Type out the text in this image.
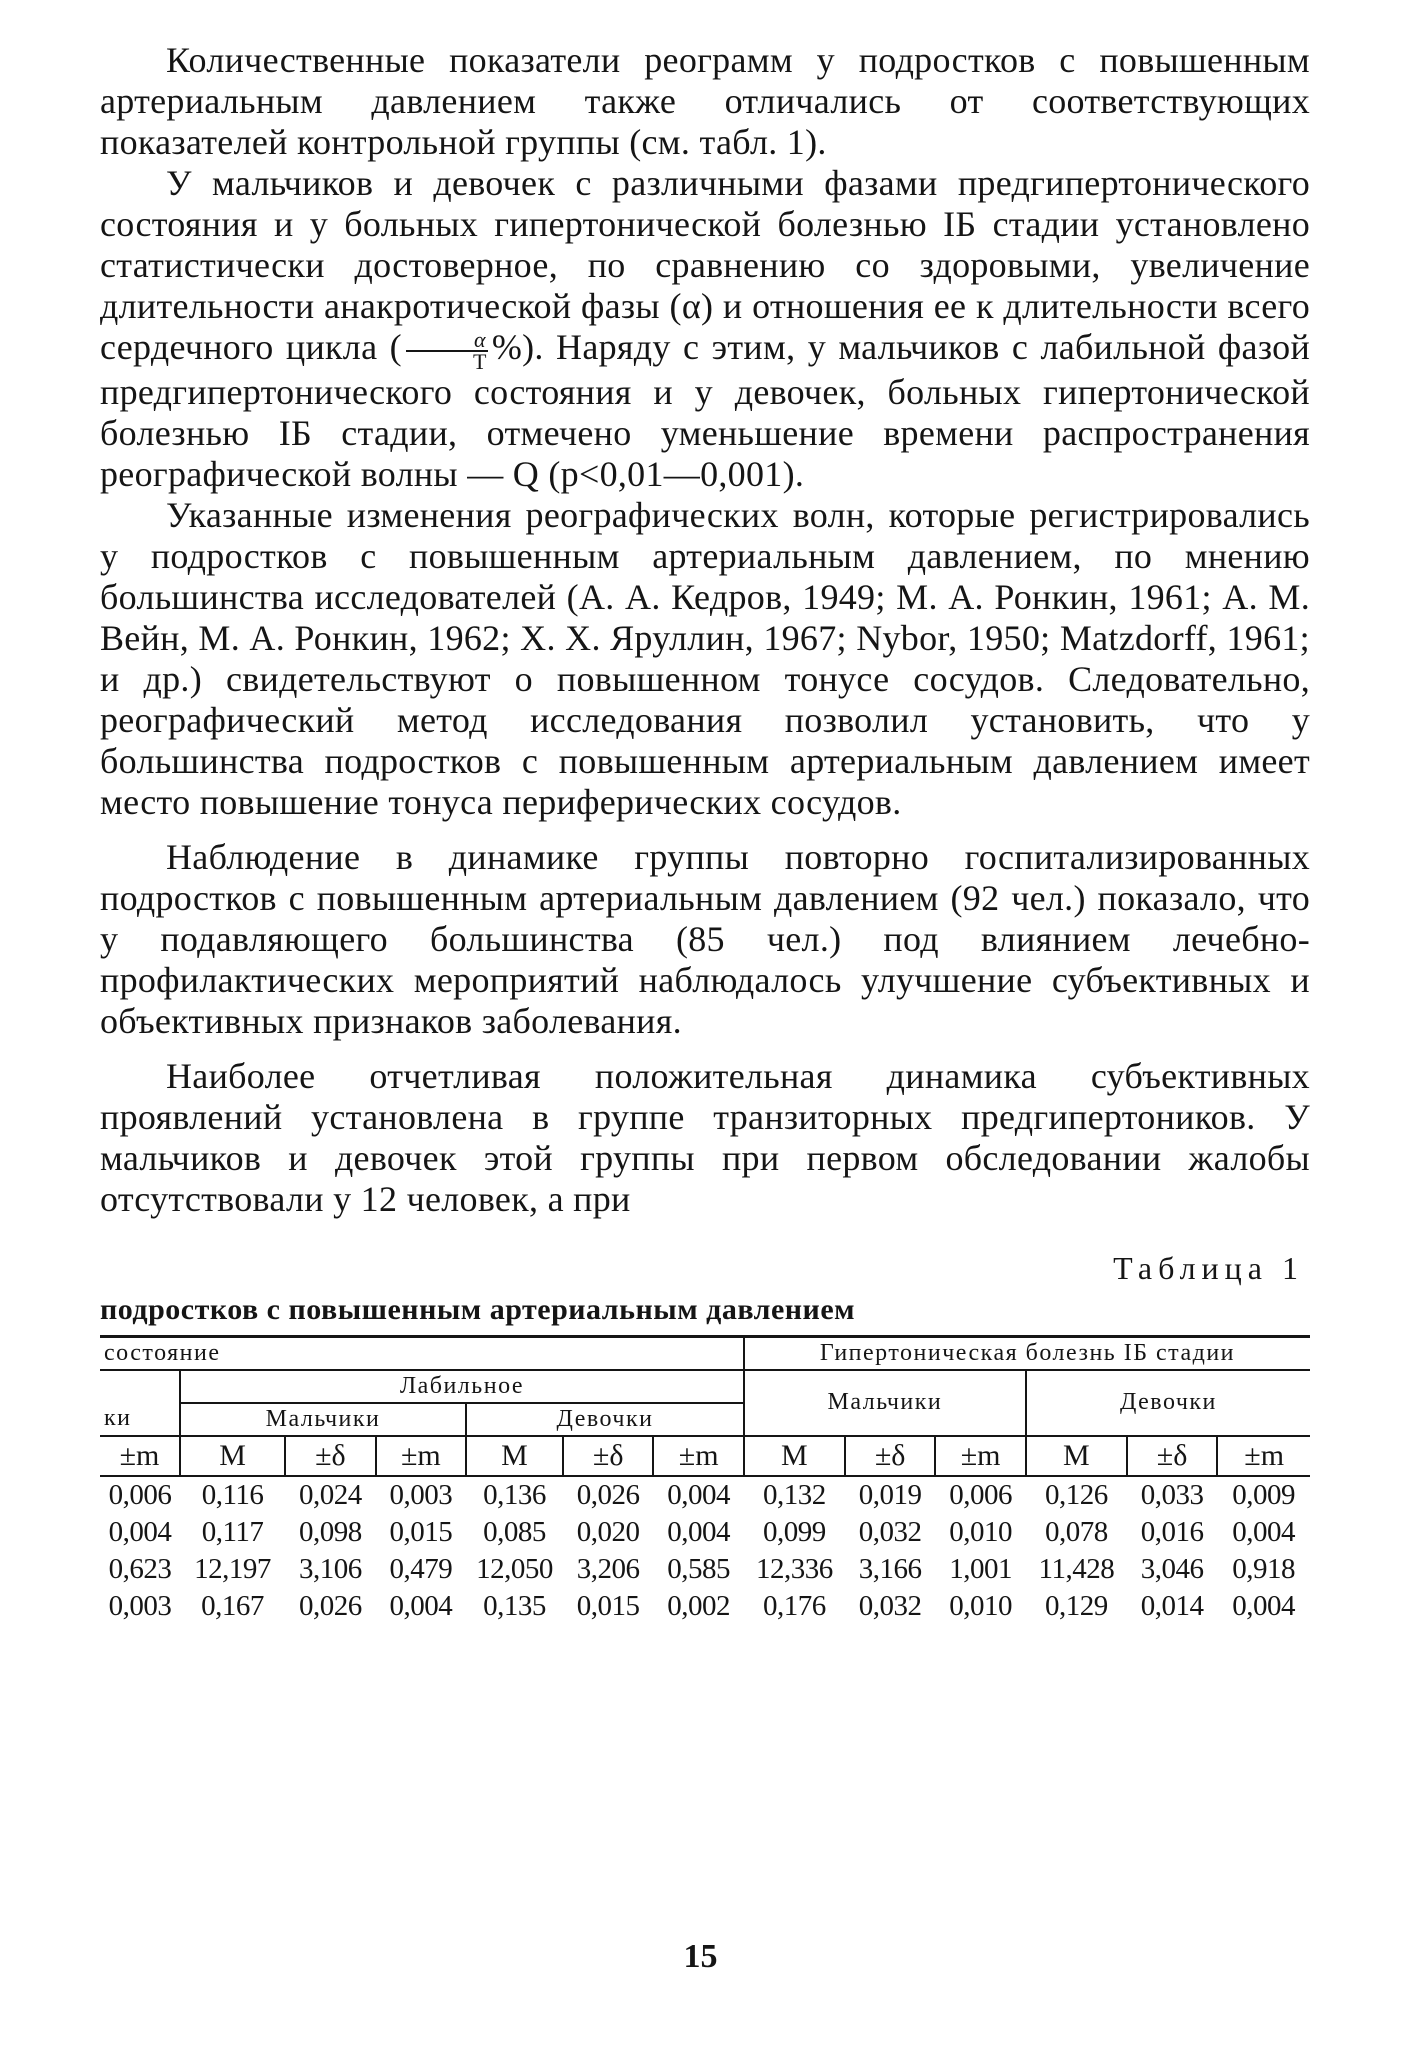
Количественные показатели реограмм у подростков с повышенным артериальным давлением также отличались от соответствующих показателей контрольной группы (см. табл. 1).

У мальчиков и девочек с различными фазами предгипертонического состояния и у больных гипертонической болезнью IБ стадии установлено статистически достоверное, по сравнению со здоровыми, увеличение длительности анакротической фазы (α) и отношения ее к длительности всего сердечного цикла ( $\frac{\alpha}{T}$ %). Наряду с этим, у мальчиков с лабильной фазой предгипертонического состояния и у девочек, больных гипертонической болезнью IБ стадии, отмечено уменьшение времени распространения реографической волны — Q (p<0,01—0,001).

Указанные изменения реографических волн, которые регистрировались у подростков с повышенным артериальным давлением, по мнению большинства исследователей (А. А. Кедров, 1949; М. А. Ронкин, 1961; А. М. Вейн, М. А. Ронкин, 1962; Х. Х. Яруллин, 1967; Nybor, 1950; Matzdorff, 1961; и др.) свидетельствуют о повышенном тонусе сосудов. Следовательно, реографический метод исследования позволил установить, что у большинства подростков с повышенным артериальным давлением имеет место повышение тонуса периферических сосудов.

Наблюдение в динамике группы повторно госпитализированных подростков с повышенным артериальным давлением (92 чел.) показало, что у подавляющего большинства (85 чел.) под влиянием лечебно-профилактических мероприятий наблюдалось улучшение субъективных и объективных признаков заболевания.

Наиболее отчетливая положительная динамика субъективных проявлений установлена в группе транзиторных предгипертоников. У мальчиков и девочек этой группы при первом обследовании жалобы отсутствовали у 12 человек, а при

Таблица 1
подростков с повышенным артериальным давлением
состояние							Гипертоническая болезнь IБ стадии					
	Лабильное						Мальчики			Девочки		
ки	Мальчики			Девочки								
±m	М	±δ	±m	М	±δ	±m	М	±δ	±m	М	±δ	±m
0,006	0,116	0,024	0,003	0,136	0,026	0,004	0,132	0,019	0,006	0,126	0,033	0,009
0,004	0,117	0,098	0,015	0,085	0,020	0,004	0,099	0,032	0,010	0,078	0,016	0,004
0,623	12,197	3,106	0,479	12,050	3,206	0,585	12,336	3,166	1,001	11,428	3,046	0,918
0,003	0,167	0,026	0,004	0,135	0,015	0,002	0,176	0,032	0,010	0,129	0,014	0,004
15
